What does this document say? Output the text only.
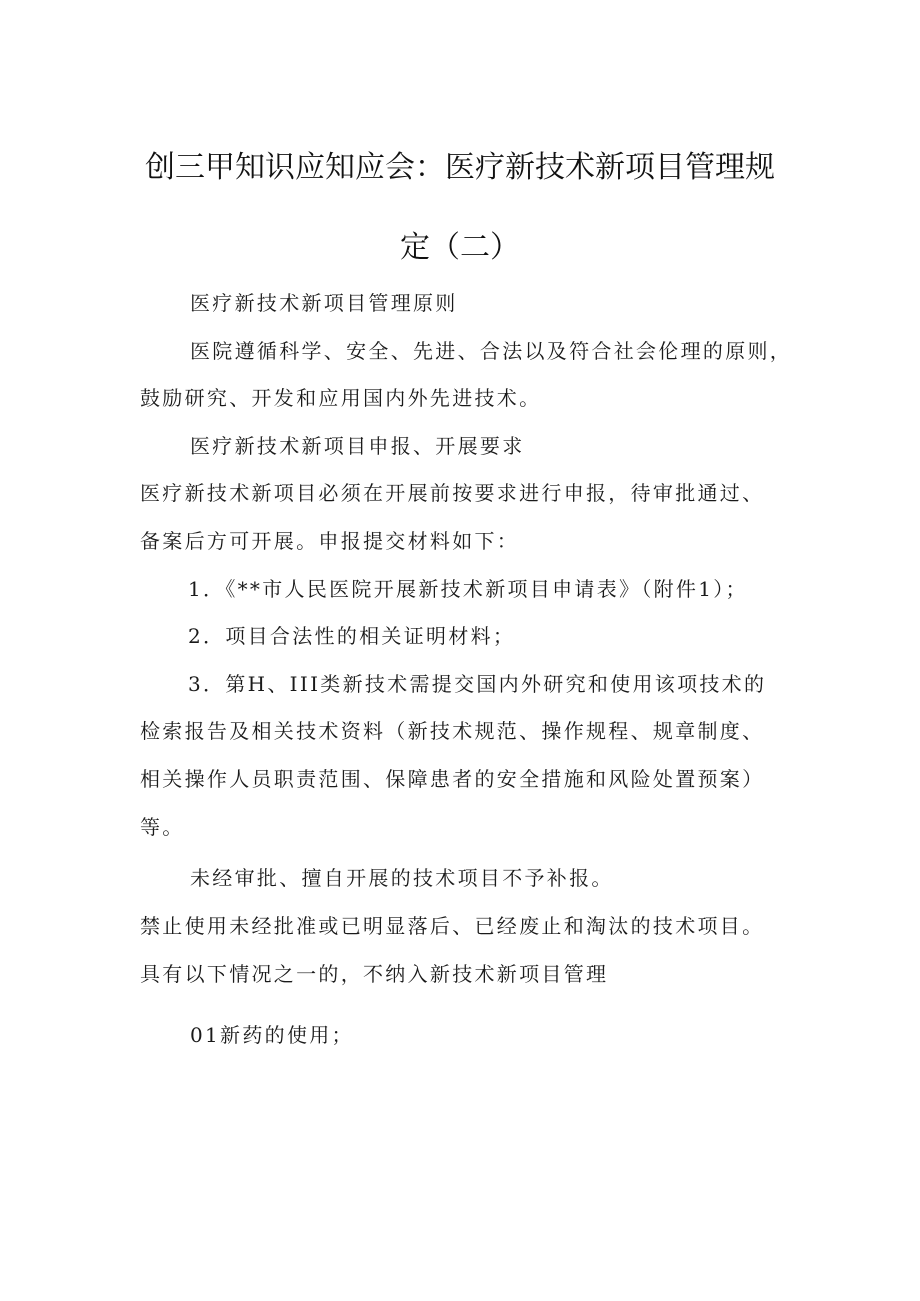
创三甲知识应知应会：医疗新技术新项目管理规
定（二）
医疗新技术新项目管理原则
医院遵循科学、安全、先进、合法以及符合社会伦理的原则，
鼓励研究、开发和应用国内外先进技术。
医疗新技术新项目申报、开展要求
医疗新技术新项目必须在开展前按要求进行申报，待审批通过、
备案后方可开展。申报提交材料如下：
1．《**市人民医院开展新技术新项目申请表》（附件1）；
2．项目合法性的相关证明材料；
3．第H、III类新技术需提交国内外研究和使用该项技术的
检索报告及相关技术资料（新技术规范、操作规程、规章制度、
相关操作人员职责范围、保障患者的安全措施和风险处置预案）
等。
未经审批、擅自开展的技术项目不予补报。
禁止使用未经批准或已明显落后、已经废止和淘汰的技术项目。
具有以下情况之一的，不纳入新技术新项目管理
01新药的使用；
